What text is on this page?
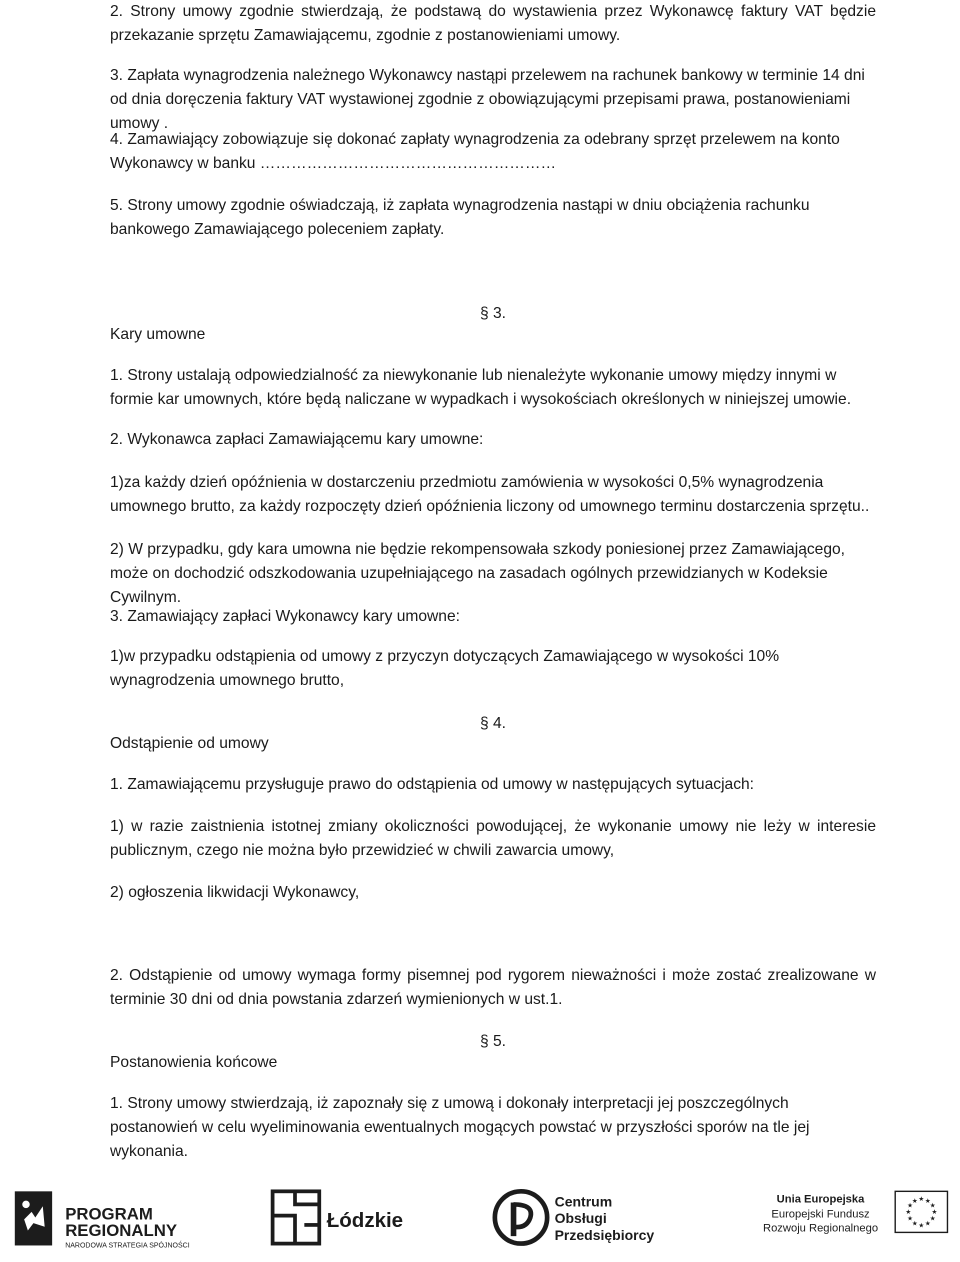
2. Strony umowy zgodnie stwierdzają, że podstawą do wystawienia przez Wykonawcę faktury VAT będzie przekazanie sprzętu Zamawiającemu, zgodnie z postanowieniami umowy.

3. Zapłata wynagrodzenia należnego Wykonawcy nastąpi przelewem na rachunek bankowy w terminie 14 dni od dnia doręczenia faktury VAT wystawionej zgodnie z obowiązującymi przepisami prawa, postanowieniami umowy .

4. Zamawiający zobowiązuje się dokonać zapłaty wynagrodzenia za odebrany sprzęt przelewem na konto Wykonawcy w banku …………………………………………………

5. Strony umowy zgodnie oświadczają, iż zapłata wynagrodzenia nastąpi w dniu obciążenia rachunku bankowego Zamawiającego poleceniem zapłaty.

§ 3.

Kary umowne

1. Strony ustalają odpowiedzialność za niewykonanie lub nienależyte wykonanie umowy między innymi w formie kar umownych, które będą naliczane w wypadkach i wysokościach określonych w niniejszej umowie.

2. Wykonawca zapłaci Zamawiającemu kary umowne:

1)za każdy dzień opóźnienia w dostarczeniu przedmiotu zamówienia w wysokości 0,5% wynagrodzenia umownego brutto, za każdy rozpoczęty dzień opóźnienia liczony od umownego terminu dostarczenia sprzętu..

2) W przypadku, gdy kara umowna nie będzie rekompensowała szkody poniesionej przez Zamawiającego, może on dochodzić odszkodowania uzupełniającego na zasadach ogólnych przewidzianych w Kodeksie Cywilnym.

3. Zamawiający zapłaci Wykonawcy kary umowne:

1)w przypadku odstąpienia od umowy z przyczyn dotyczących Zamawiającego w wysokości 10% wynagrodzenia umownego brutto,

§ 4.

Odstąpienie od umowy

1. Zamawiającemu przysługuje prawo do odstąpienia od umowy w następujących sytuacjach:

1) w razie zaistnienia istotnej zmiany okoliczności powodującej, że wykonanie umowy nie leży w interesie publicznym, czego nie można było przewidzieć w chwili zawarcia umowy,

2) ogłoszenia likwidacji Wykonawcy,

2. Odstąpienie od umowy wymaga formy pisemnej pod rygorem nieważności i może zostać zrealizowane w terminie 30 dni od dnia powstania zdarzeń wymienionych w ust.1.

§ 5.

Postanowienia końcowe

1. Strony umowy stwierdzają, iż zapoznały się z umową i dokonały interpretacji jej poszczególnych postanowień w celu wyeliminowania ewentualnych mogących powstać w przyszłości sporów na tle jej wykonania.

PROGRAM
REGIONALNY
NARODOWA STRATEGIA SPÓJNOŚCI
Łódzkie
Centrum
Obsługi
Przedsiębiorcy
Unia Europejska
Europejski Fundusz
Rozwoju Regionalnego
★ ★
★
★
★
★
★
★
★
★
★
★
